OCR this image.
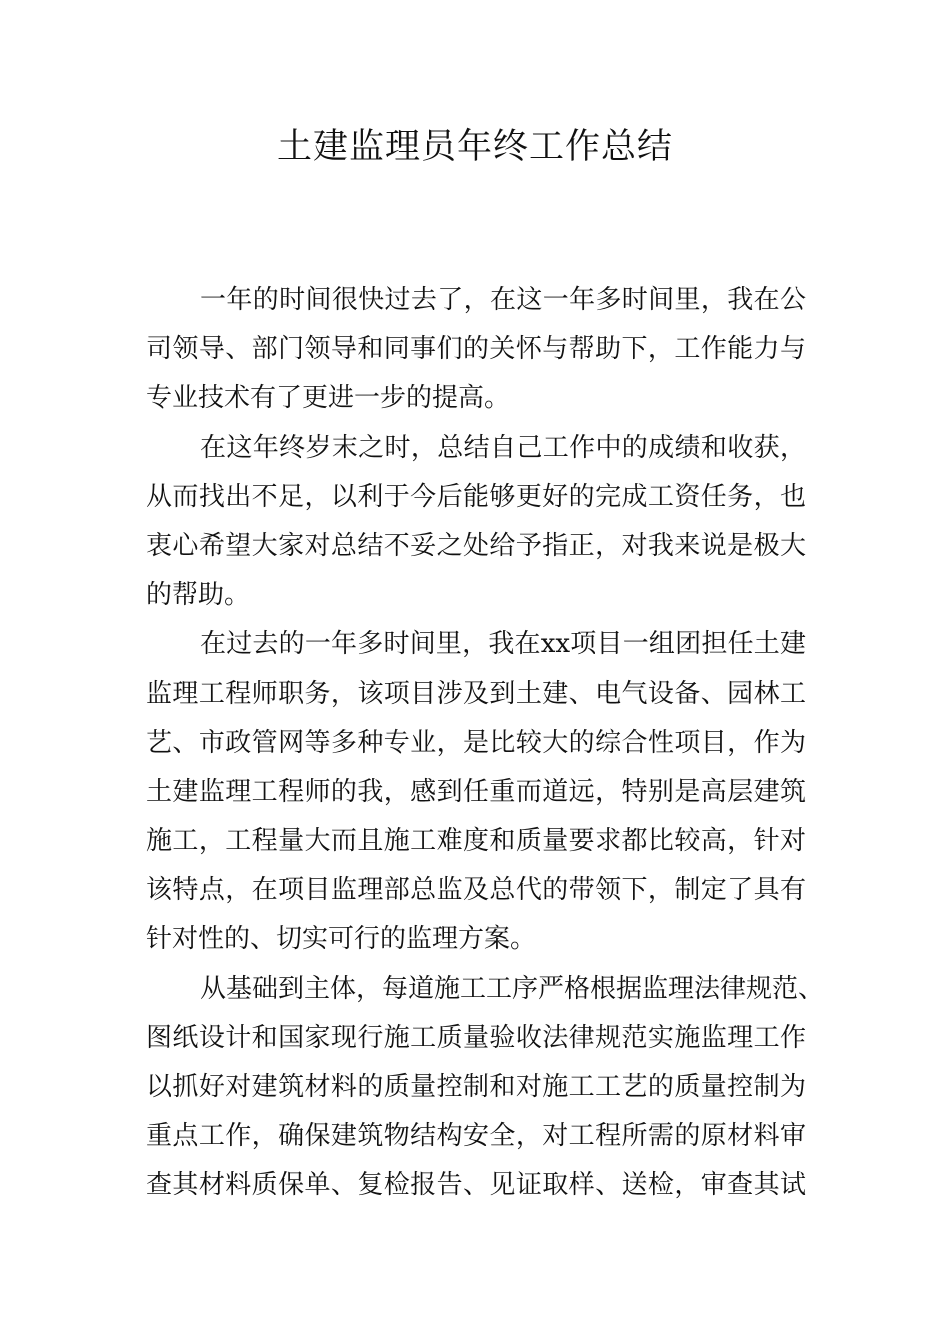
土建监理员年终工作总结
一年的时间很快过去了，在这一年多时间里，我在公
司领导、部门领导和同事们的关怀与帮助下，工作能力与
专业技术有了更进一步的提高。
在这年终岁末之时，总结自己工作中的成绩和收获，
从而找出不足，以利于今后能够更好的完成工资任务，也
衷心希望大家对总结不妥之处给予指正，对我来说是极大
的帮助。
在过去的一年多时间里，我在xx项目一组团担任土建
监理工程师职务，该项目涉及到土建、电气设备、园林工
艺、市政管网等多种专业，是比较大的综合性项目，作为
土建监理工程师的我，感到任重而道远，特别是高层建筑
施工，工程量大而且施工难度和质量要求都比较高，针对
该特点，在项目监理部总监及总代的带领下，制定了具有
针对性的、切实可行的监理方案。
从基础到主体，每道施工工序严格根据监理法律规范、
图纸设计和国家现行施工质量验收法律规范实施监理工作
以抓好对建筑材料的质量控制和对施工工艺的质量控制为
重点工作，确保建筑物结构安全，对工程所需的原材料审
查其材料质保单、复检报告、见证取样、送检，审查其试
